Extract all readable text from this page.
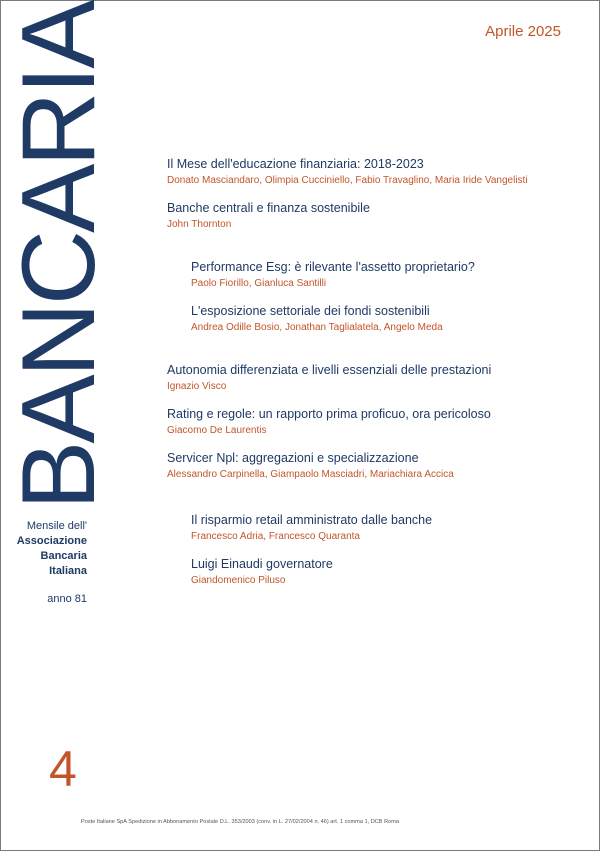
BANCARIA
Mensile dell'
Associazione
Bancaria
Italiana
anno 81
4
Aprile 2025
Il Mese dell'educazione finanziaria: 2018-2023
Donato Masciandaro, Olimpia Cucciniello, Fabio Travaglino, Maria Iride Vangelisti
Banche centrali e finanza sostenibile
John Thornton
Performance Esg: è rilevante l'assetto proprietario?
Paolo Fiorillo, Gianluca Santilli
L'esposizione settoriale dei fondi sostenibili
Andrea Odille Bosio, Jonathan Taglialatela, Angelo Meda
Autonomia differenziata e livelli essenziali delle prestazioni
Ignazio Visco
Rating e regole: un rapporto prima proficuo, ora pericoloso
Giacomo De Laurentis
Servicer Npl: aggregazioni e specializzazione
Alessandro Carpinella, Giampaolo Masciadri, Mariachiara Accica
Il risparmio retail amministrato dalle banche
Francesco Adria, Francesco Quaranta
Luigi Einaudi governatore
Giandomenico Piluso
Poste Italiane SpA Spedizione in Abbonamento Postale D.L. 353/2003 (conv. in L. 27/02/2004 n. 46) art. 1 comma 1, DCB Roma
